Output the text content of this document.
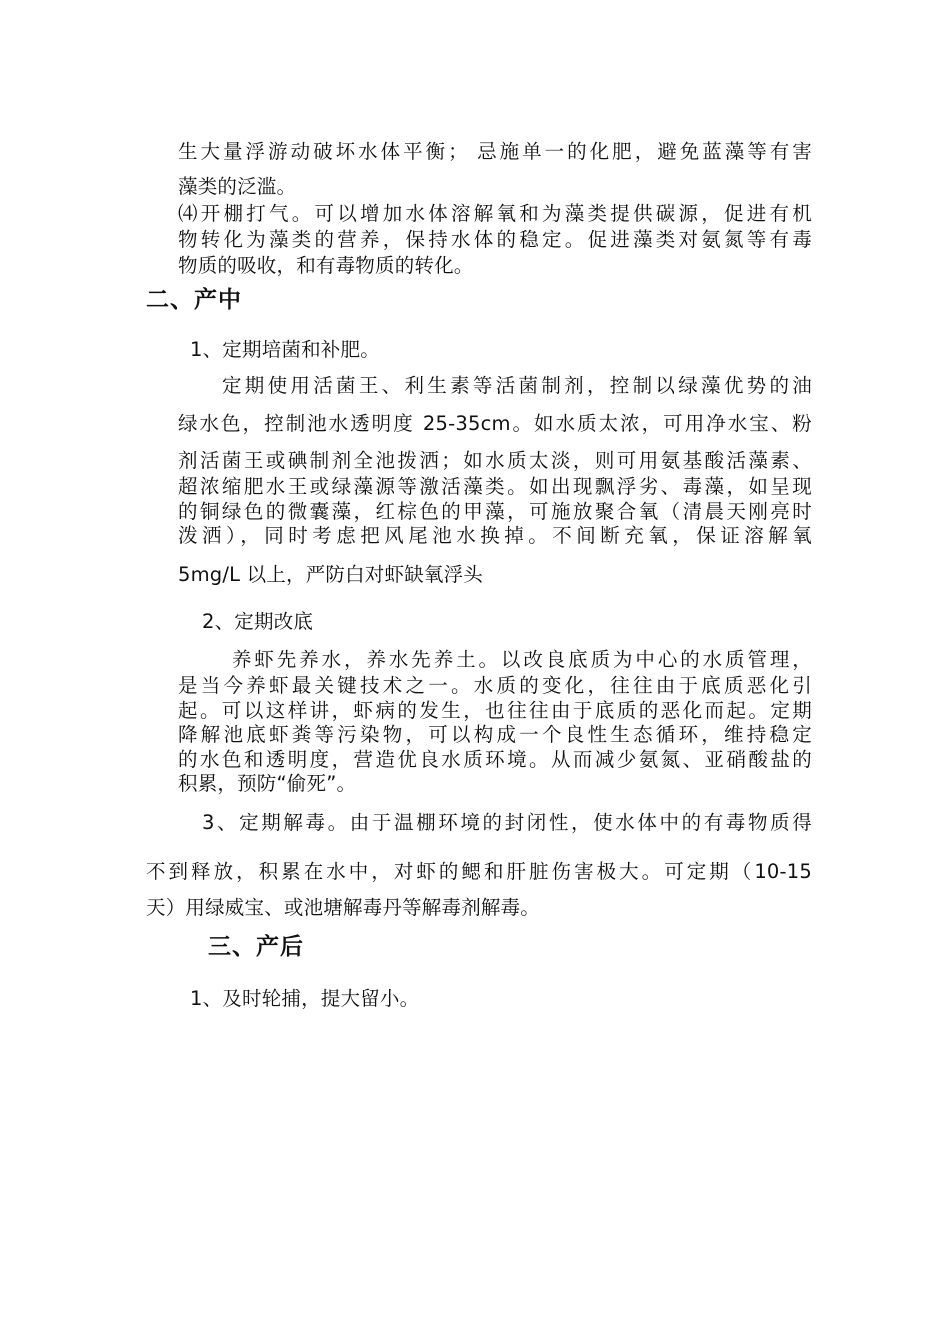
生大量浮游动破坏水体平衡； 忌施单一的化肥，避免蓝藻等有害
藻类的泛滥。
⑷开棚打气。可以增加水体溶解氧和为藻类提供碳源，促进有机
物转化为藻类的营养，保持水体的稳定。促进藻类对氨氮等有毒
物质的吸收，和有毒物质的转化。
二、产中
1、定期培菌和补肥。
定期使用活菌王、利生素等活菌制剂，控制以绿藻优势的油
绿水色，控制池水透明度 25-35cm。如水质太浓，可用净水宝、粉
剂活菌王或碘制剂全池拨洒；如水质太淡，则可用氨基酸活藻素、
超浓缩肥水王或绿藻源等激活藻类。如出现飘浮劣、毒藻，如呈现
的铜绿色的微囊藻，红棕色的甲藻，可施放聚合氧（清晨天刚亮时
泼洒），同时考虑把风尾池水换掉。不间断充氧，保证溶解氧
5mg/L 以上，严防白对虾缺氧浮头
2、定期改底
养虾先养水，养水先养土。以改良底质为中心的水质管理，
是当今养虾最关键技术之一。水质的变化，往往由于底质恶化引
起。可以这样讲，虾病的发生，也往往由于底质的恶化而起。定期
降解池底虾粪等污染物，可以构成一个良性生态循环，维持稳定
的水色和透明度，营造优良水质环境。从而减少氨氮、亚硝酸盐的
积累，预防“偷死”。
3、定期解毒。由于温棚环境的封闭性，使水体中的有毒物质得
不到释放，积累在水中，对虾的鳃和肝脏伤害极大。可定期（10-15
天）用绿威宝、或池塘解毒丹等解毒剂解毒。
三、产后
1、及时轮捕，提大留小。
